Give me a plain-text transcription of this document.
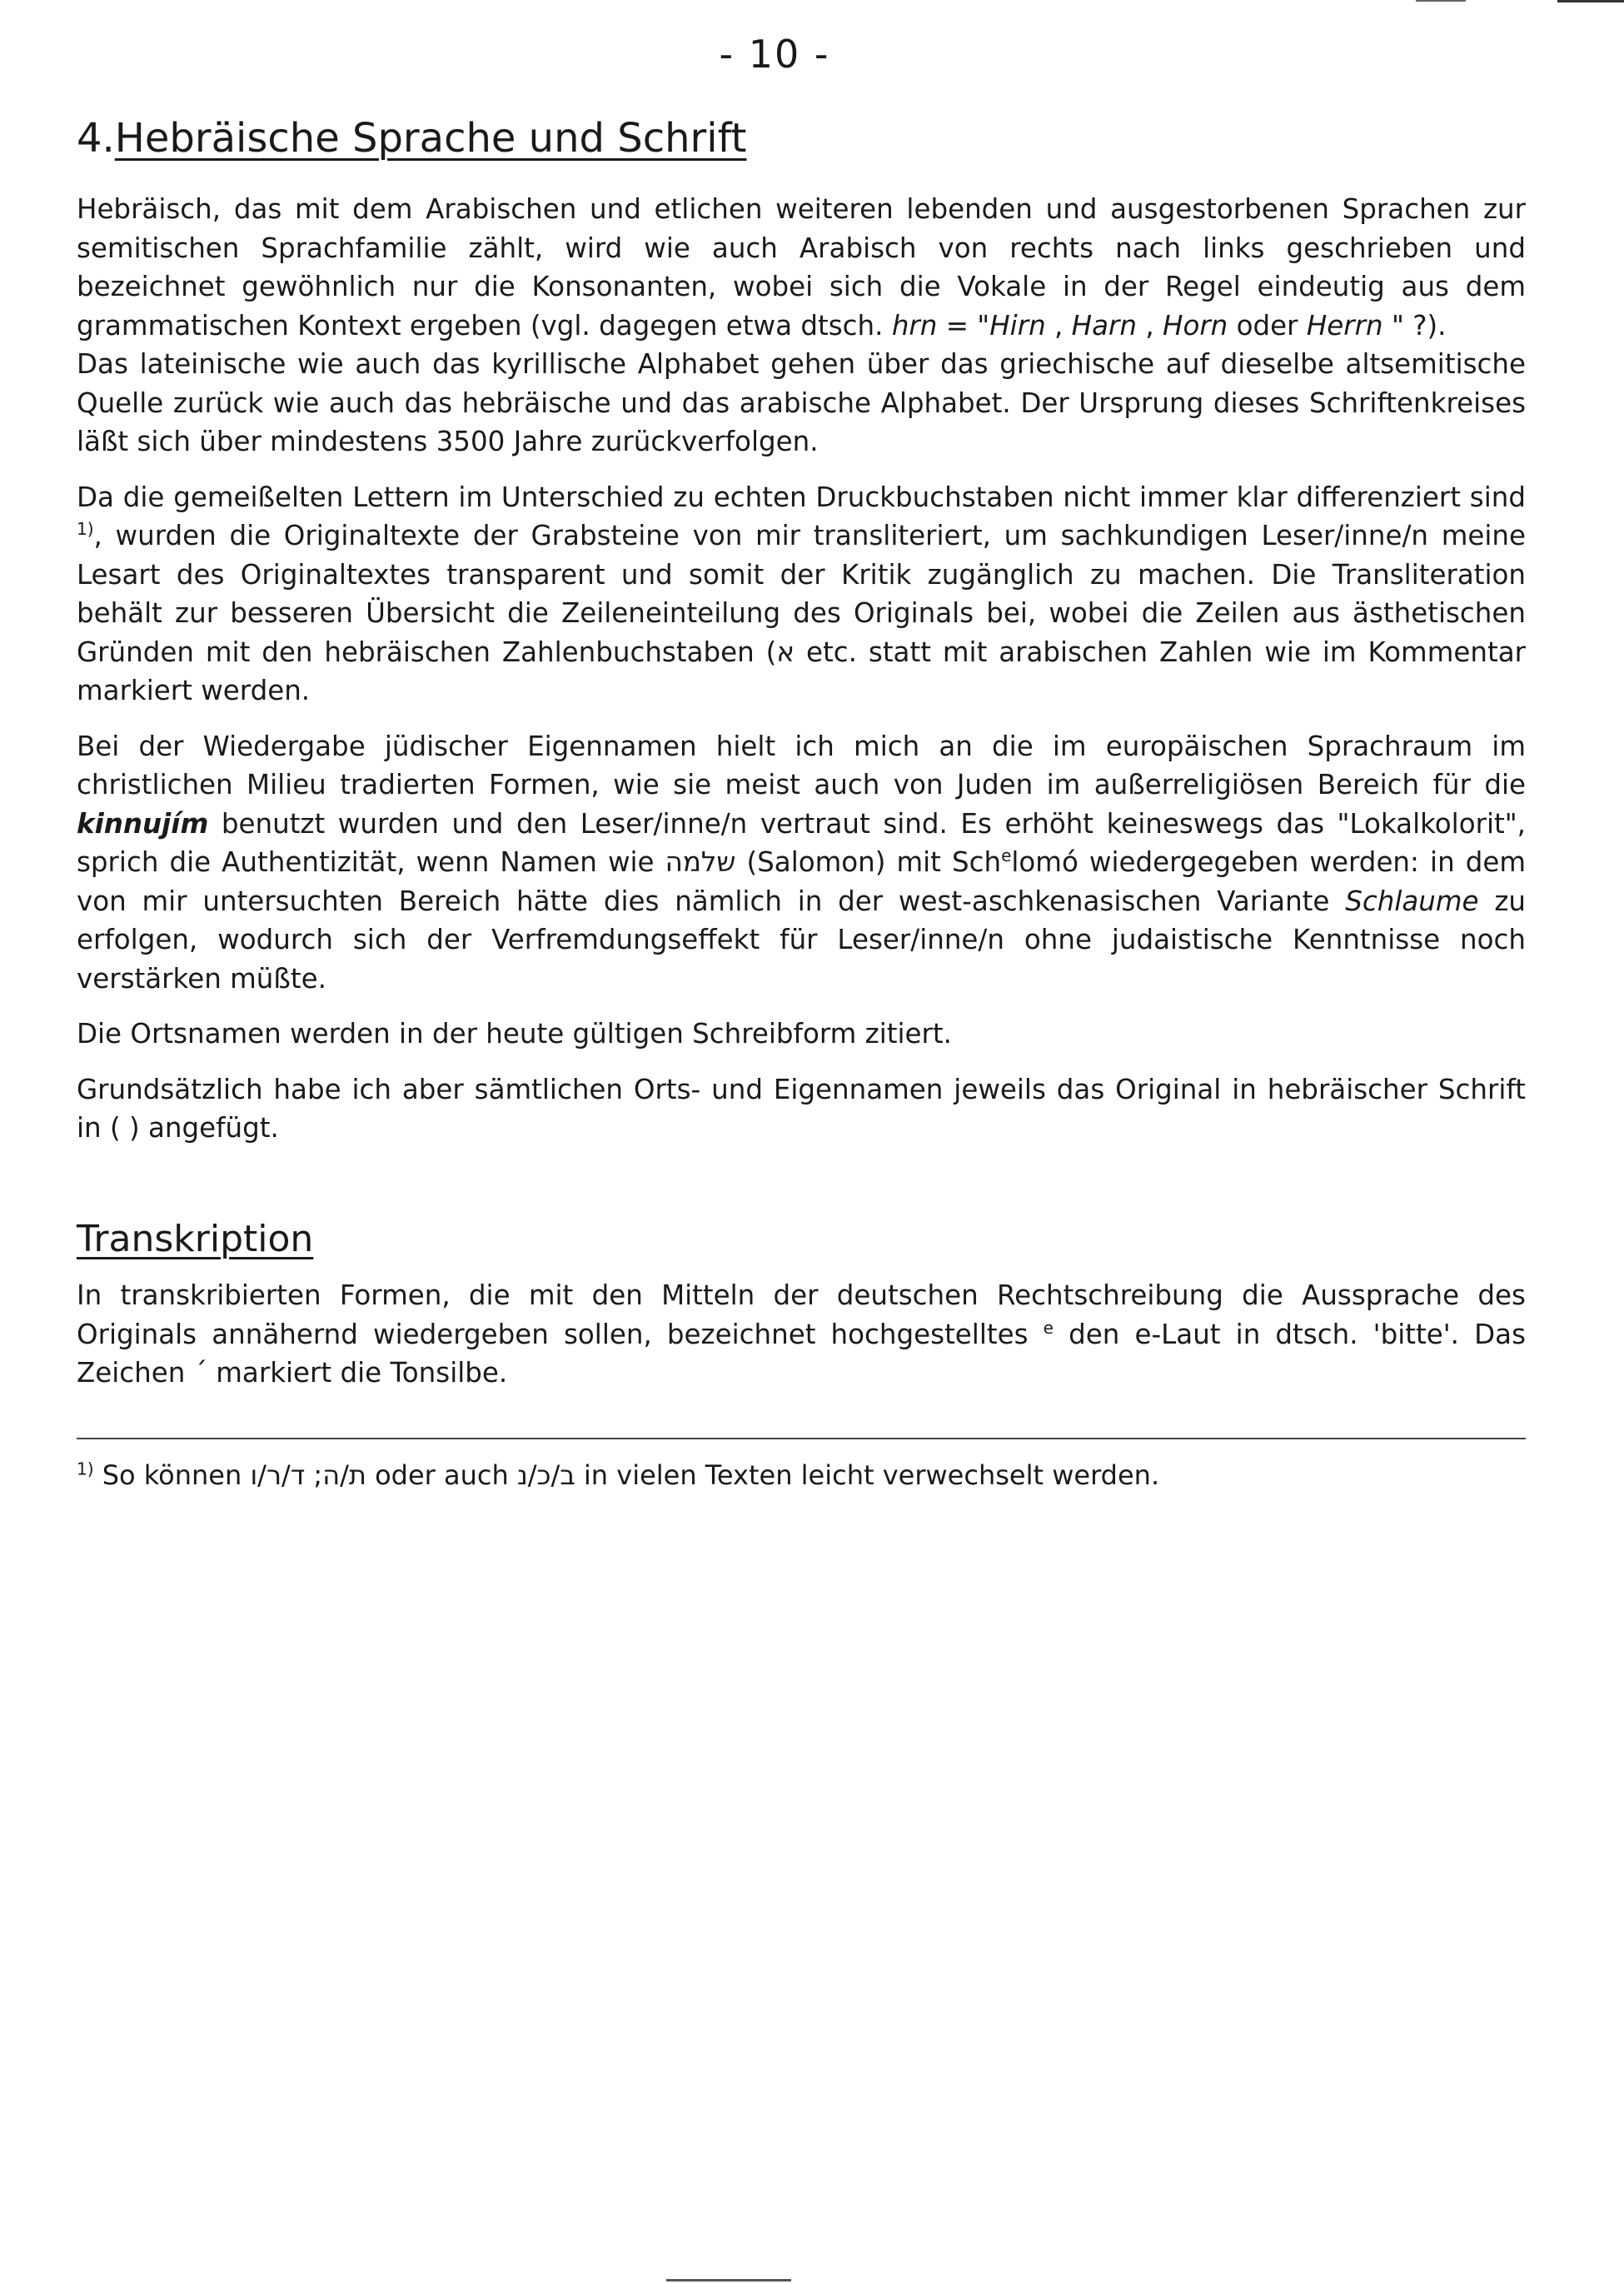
- 10 -
4.Hebräische Sprache und Schrift

Hebräisch, das mit dem Arabischen und etlichen weiteren lebenden und ausgestorbenen Sprachen zur semitischen Sprachfamilie zählt, wird wie auch Arabisch von rechts nach links geschrieben und bezeichnet gewöhnlich nur die Konsonanten, wobei sich die Vokale in der Regel eindeutig aus dem grammatischen Kontext ergeben (vgl. dagegen etwa dtsch. hrn = "Hirn , Harn , Horn oder Herrn " ?).

Das lateinische wie auch das kyrillische Alphabet gehen über das griechische auf dieselbe altsemitische Quelle zurück wie auch das hebräische und das arabische Alphabet. Der Ursprung dieses Schriftenkreises läßt sich über mindestens 3500 Jahre zurückverfolgen.

Da die gemeißelten Lettern im Unterschied zu echten Druckbuchstaben nicht immer klar differenziert sind $^{1)}$, wurden die Originaltexte der Grabsteine von mir transliteriert, um sachkundigen Leser/inne/n meine Lesart des Originaltextes transparent und somit der Kritik zugänglich zu machen. Die Transliteration behält zur besseren Übersicht die Zeileneinteilung des Originals bei, wobei die Zeilen aus ästhetischen Gründen mit den hebräischen Zahlenbuchstaben (א etc. statt mit arabischen Zahlen wie im Kommentar markiert werden.

Bei der Wiedergabe jüdischer Eigennamen hielt ich mich an die im europäischen Sprachraum im christlichen Milieu tradierten Formen, wie sie meist auch von Juden im außerreligiösen Bereich für die kinnujím benutzt wurden und den Leser/inne/n vertraut sind. Es erhöht keineswegs das "Lokalkolorit", sprich die Authentizität, wenn Namen wie שלמה (Salomon) mit Sch$^e$lomó wiedergegeben werden: in dem von mir untersuchten Bereich hätte dies nämlich in der west-aschkenasischen Variante Schlaume zu erfolgen, wodurch sich der Verfremdungseffekt für Leser/inne/n ohne judaistische Kenntnisse noch verstärken müßte.

Die Ortsnamen werden in der heute gültigen Schreibform zitiert.

Grundsätzlich habe ich aber sämtlichen Orts- und Eigennamen jeweils das Original in hebräischer Schrift in ( ) angefügt.

Transkription

In transkribierten Formen, die mit den Mitteln der deutschen Rechtschreibung die Aussprache des Originals annähernd wiedergeben sollen, bezeichnet hochgestelltes $^e$ den e-Laut in dtsch. 'bitte'. Das Zeichen ´ markiert die Tonsilbe.

$^{1)}$ So können	ת/ה; ד/ר/ו oder auch ב/כ/נ in vielen Texten leicht verwechselt werden.
